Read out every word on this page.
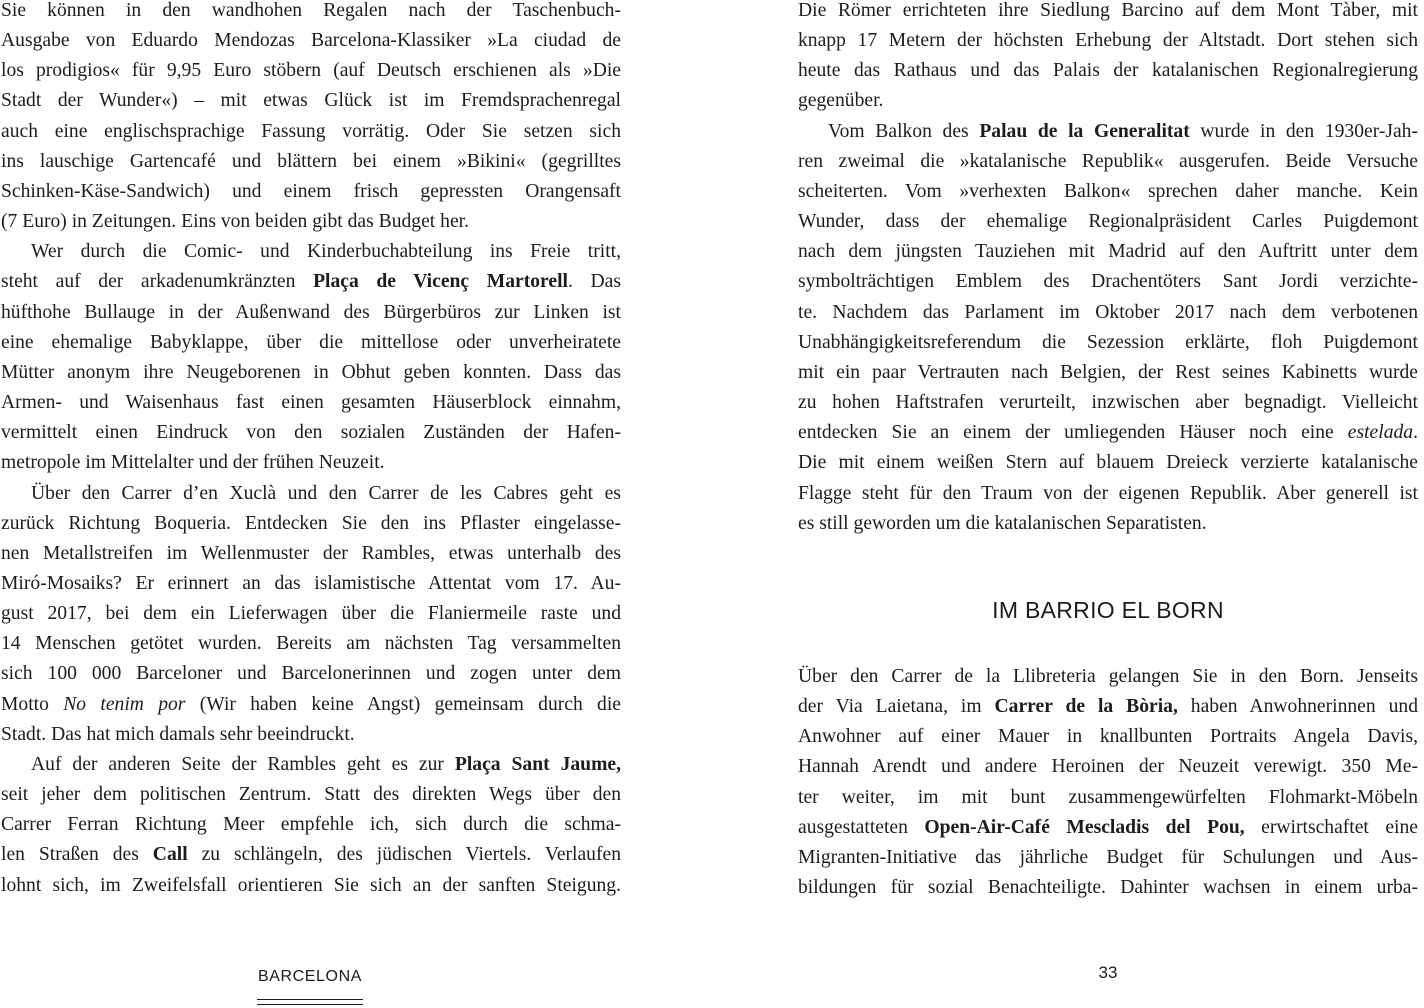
Sie können in den wandhohen Regalen nach der Taschenbuch-
Ausgabe von Eduardo Mendozas Barcelona-Klassiker »La ciudad de
los prodigios« für 9,95 Euro stöbern (auf Deutsch erschienen als »Die
Stadt der Wunder«) – mit etwas Glück ist im Fremdsprachenregal
auch eine englischsprachige Fassung vorrätig. Oder Sie setzen sich
ins lauschige Gartencafé und blättern bei einem »Bikini« (gegrilltes
Schinken-Käse-Sandwich) und einem frisch gepressten Orangensaft
(7 Euro) in Zeitungen. Eins von beiden gibt das Budget her.

Wer durch die Comic- und Kinderbuchabteilung ins Freie tritt,
steht auf der arkadenumkränzten Plaça de Vicenç Martorell. Das
hüfthohe Bullauge in der Außenwand des Bürgerbüros zur Linken ist
eine ehemalige Babyklappe, über die mittellose oder unverheiratete
Mütter anonym ihre Neugeborenen in Obhut geben konnten. Dass das
Armen- und Waisenhaus fast einen gesamten Häuserblock einnahm,
vermittelt einen Eindruck von den sozialen Zuständen der Hafen-
metropole im Mittelalter und der frühen Neuzeit.

Über den Carrer d’en Xuclà und den Carrer de les Cabres geht es
zurück Richtung Boqueria. Entdecken Sie den ins Pflaster eingelasse-
nen Metallstreifen im Wellenmuster der Rambles, etwas unterhalb des
Miró-Mosaiks? Er erinnert an das islamistische Attentat vom 17. Au-
gust 2017, bei dem ein Lieferwagen über die Flaniermeile raste und
14 Menschen getötet wurden. Bereits am nächsten Tag versammelten
sich 100 000 Barceloner und Barcelonerinnen und zogen unter dem
Motto No tenim por (Wir haben keine Angst) gemeinsam durch die
Stadt. Das hat mich damals sehr beeindruckt.

Auf der anderen Seite der Rambles geht es zur Plaça Sant Jaume,
seit jeher dem politischen Zentrum. Statt des direkten Wegs über den
Carrer Ferran Richtung Meer empfehle ich, sich durch die schma-
len Straßen des Call zu schlängeln, des jüdischen Viertels. Verlaufen
lohnt sich, im Zweifelsfall orientieren Sie sich an der sanften Steigung.

Die Römer errichteten ihre Siedlung Barcino auf dem Mont Tàber, mit
knapp 17 Metern der höchsten Erhebung der Altstadt. Dort stehen sich
heute das Rathaus und das Palais der katalanischen Regionalregierung
gegenüber.

Vom Balkon des Palau de la Generalitat wurde in den 1930er-Jah-
ren zweimal die »katalanische Republik« ausgerufen. Beide Versuche
scheiterten. Vom »verhexten Balkon« sprechen daher manche. Kein
Wunder, dass der ehemalige Regionalpräsident Carles Puigdemont
nach dem jüngsten Tauziehen mit Madrid auf den Auftritt unter dem
symbolträchtigen Emblem des Drachentöters Sant Jordi verzichte-
te. Nachdem das Parlament im Oktober 2017 nach dem verbotenen
Unabhängigkeitsreferendum die Sezession erklärte, floh Puigdemont
mit ein paar Vertrauten nach Belgien, der Rest seines Kabinetts wurde
zu hohen Haftstrafen verurteilt, inzwischen aber begnadigt. Vielleicht
entdecken Sie an einem der umliegenden Häuser noch eine estelada.
Die mit einem weißen Stern auf blauem Dreieck verzierte katalanische
Flagge steht für den Traum von der eigenen Republik. Aber generell ist
es still geworden um die katalanischen Separatisten.

IM BARRIO EL BORN

Über den Carrer de la Llibreteria gelangen Sie in den Born. Jenseits
der Via Laietana, im Carrer de la Bòria, haben Anwohnerinnen und
Anwohner auf einer Mauer in knallbunten Portraits Angela Davis,
Hannah Arendt und andere Heroinen der Neuzeit verewigt. 350 Me-
ter weiter, im mit bunt zusammengewürfelten Flohmarkt-Möbeln
ausgestatteten Open-Air-Café Mescladis del Pou, erwirtschaftet eine
Migranten-Initiative das jährliche Budget für Schulungen und Aus-
bildungen für sozial Benachteiligte. Dahinter wachsen in einem urba-

BARCELONA	33
